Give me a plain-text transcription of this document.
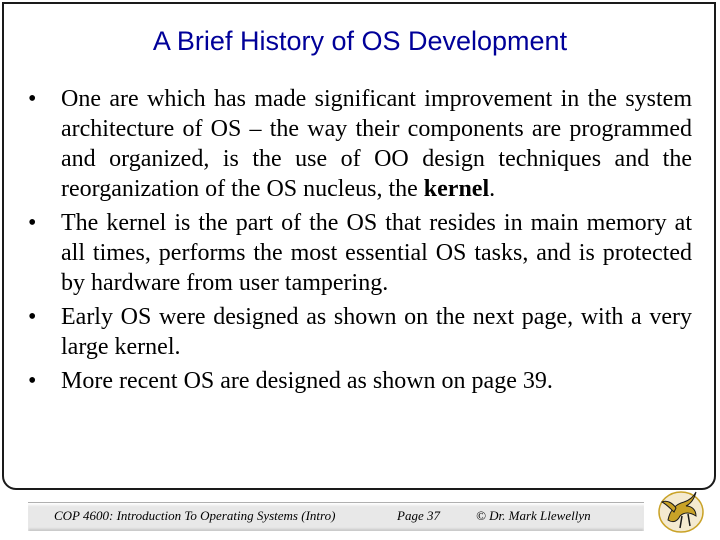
A Brief History of OS Development
• One are which has made significant improvement in the system architecture of OS – the way their components are programmed and organized, is the use of OO design techniques and the reorganization of the OS nucleus, the kernel.
• The kernel is the part of the OS that resides in main memory at all times, performs the most essential OS tasks, and is protected by hardware from user tampering.
• Early OS were designed as shown on the next page, with a very large kernel.
• More recent OS are designed as shown on page 39.
COP 4600: Introduction To Operating Systems (Intro)	Page 37	© Dr. Mark Llewellyn
